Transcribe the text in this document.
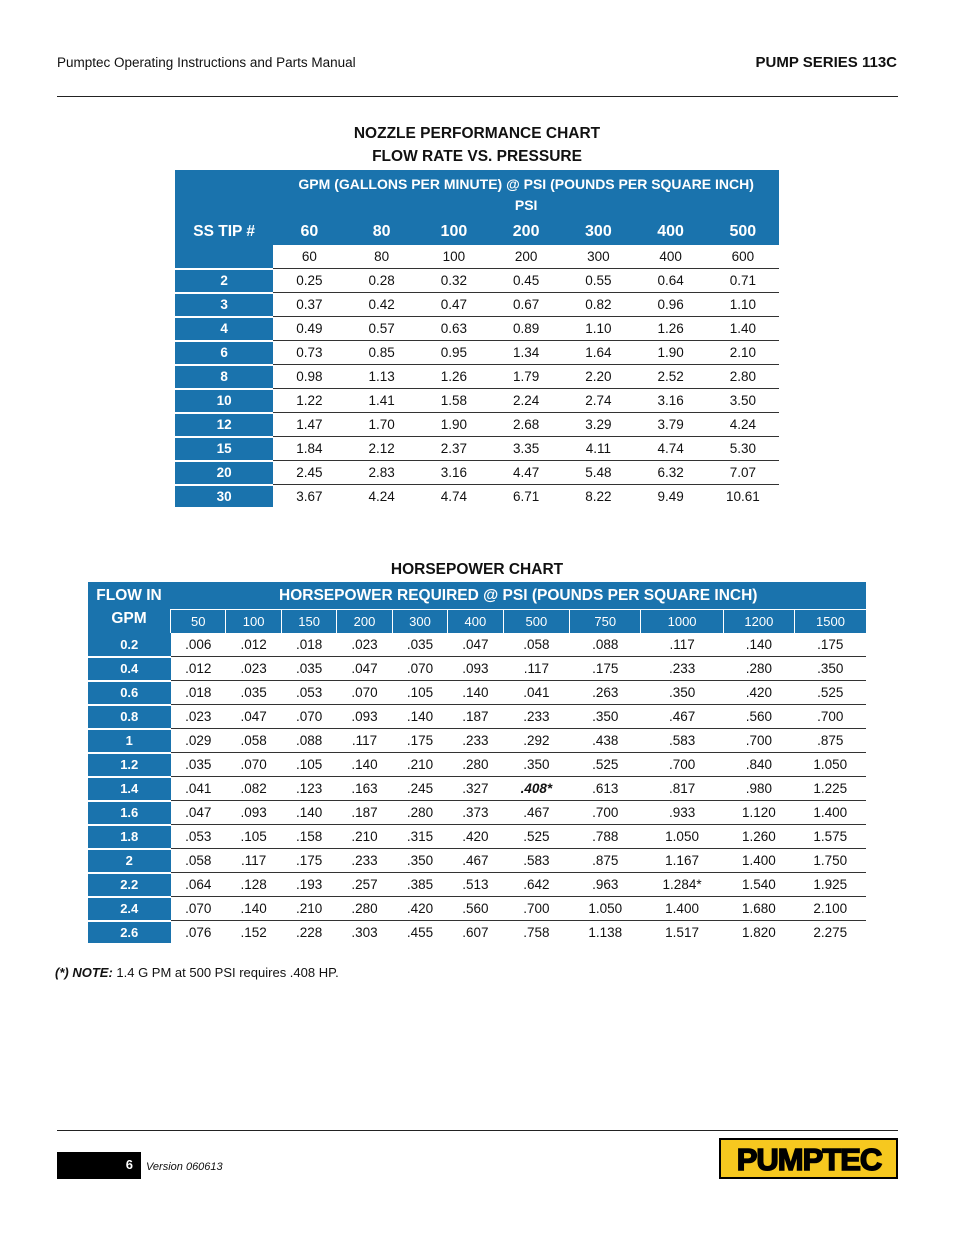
Pumptec Operating Instructions and Parts Manual	PUMP SERIES 113C
NOZZLE PERFORMANCE CHART
FLOW RATE VS. PRESSURE

	GPM (GALLONS PER MINUTE) @ PSI (POUNDS PER SQUARE INCH)
PSI						

SS TIP #	60	80	100	200	300	400	500
	60	80	100	200	300	400	600
2	0.25	0.28	0.32	0.45	0.55	0.64	0.71
3	0.37	0.42	0.47	0.67	0.82	0.96	1.10
4	0.49	0.57	0.63	0.89	1.10	1.26	1.40
6	0.73	0.85	0.95	1.34	1.64	1.90	2.10
8	0.98	1.13	1.26	1.79	2.20	2.52	2.80
10	1.22	1.41	1.58	2.24	2.74	3.16	3.50
12	1.47	1.70	1.90	2.68	3.29	3.79	4.24
15	1.84	2.12	2.37	3.35	4.11	4.74	5.30
20	2.45	2.83	3.16	4.47	5.48	6.32	7.07
30	3.67	4.24	4.74	6.71	8.22	9.49	10.61
HORSEPOWER CHART
FLOW IN
GPM	HORSEPOWER REQUIRED @ PSI (POUNDS PER SQUARE INCH)										
	50	100	150	200	300	400	500	750	1000	1200	1500
0.2	.006	.012	.018	.023	.035	.047	.058	.088	.117	.140	.175
0.4	.012	.023	.035	.047	.070	.093	.117	.175	.233	.280	.350
0.6	.018	.035	.053	.070	.105	.140	.041	.263	.350	.420	.525
0.8	.023	.047	.070	.093	.140	.187	.233	.350	.467	.560	.700
1	.029	.058	.088	.117	.175	.233	.292	.438	.583	.700	.875
1.2	.035	.070	.105	.140	.210	.280	.350	.525	.700	.840	1.050
1.4	.041	.082	.123	.163	.245	.327	.408*	.613	.817	.980	1.225
1.6	.047	.093	.140	.187	.280	.373	.467	.700	.933	1.120	1.400
1.8	.053	.105	.158	.210	.315	.420	.525	.788	1.050	1.260	1.575
2	.058	.117	.175	.233	.350	.467	.583	.875	1.167	1.400	1.750
2.2	.064	.128	.193	.257	.385	.513	.642	.963	1.284*	1.540	1.925
2.4	.070	.140	.210	.280	.420	.560	.700	1.050	1.400	1.680	2.100
2.6	.076	.152	.228	.303	.455	.607	.758	1.138	1.517	1.820	2.275
(*) NOTE: 1.4 G PM at 500 PSI requires .408 HP.
6 Version 060613	PUMPTEC
